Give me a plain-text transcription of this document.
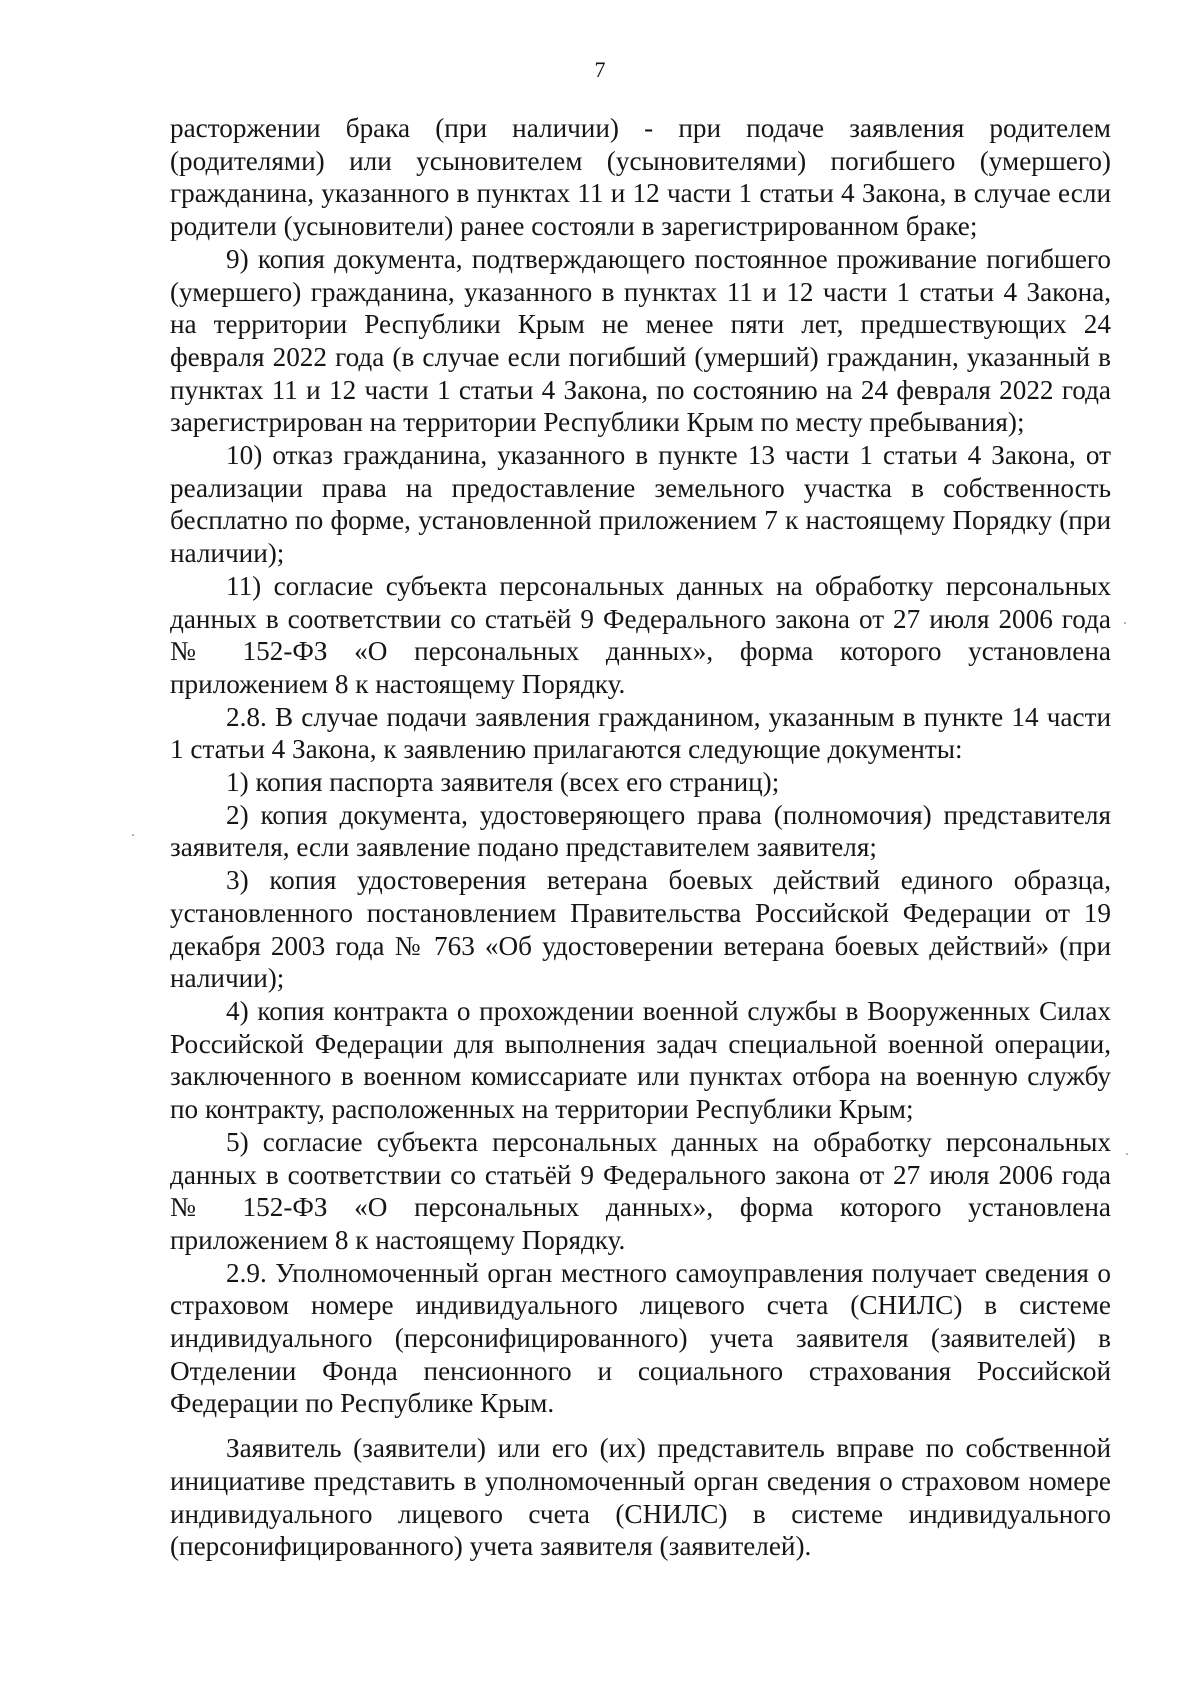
7

расторжении брака (при наличии) - при подаче заявления родителем (родителями) или усыновителем (усыновителями) погибшего (умершего) гражданина, указанного в пунктах 11 и 12 части 1 статьи 4 Закона, в случае если родители (усыновители) ранее состояли в зарегистрированном браке;

9) копия документа, подтверждающего постоянное проживание погибшего (умершего) гражданина, указанного в пунктах 11 и 12 части 1 статьи 4 Закона, на территории Республики Крым не менее пяти лет, предшествующих 24 февраля 2022 года (в случае если погибший (умерший) гражданин, указанный в пунктах 11 и 12 части 1 статьи 4 Закона, по состоянию на 24 февраля 2022 года зарегистрирован на территории Республики Крым по месту пребывания);

10) отказ гражданина, указанного в пункте 13 части 1 статьи 4 Закона, от реализации права на предоставление земельного участка в собственность бесплатно по форме, установленной приложением 7 к настоящему Порядку (при наличии);

11) согласие субъекта персональных данных на обработку персональных данных в соответствии со статьёй 9 Федерального закона от 27 июля 2006 года № 152-ФЗ «О персональных данных», форма которого установлена приложением 8 к настоящему Порядку.

2.8. В случае подачи заявления гражданином, указанным в пункте 14 части 1 статьи 4 Закона, к заявлению прилагаются следующие документы:

1) копия паспорта заявителя (всех его страниц);

2) копия документа, удостоверяющего права (полномочия) представителя заявителя, если заявление подано представителем заявителя;

3) копия удостоверения ветерана боевых действий единого образца, установленного постановлением Правительства Российской Федерации от 19 декабря 2003 года № 763 «Об удостоверении ветерана боевых действий» (при наличии);

4) копия контракта о прохождении военной службы в Вооруженных Силах Российской Федерации для выполнения задач специальной военной операции, заключенного в военном комиссариате или пунктах отбора на военную службу по контракту, расположенных на территории Республики Крым;

5) согласие субъекта персональных данных на обработку персональных данных в соответствии со статьёй 9 Федерального закона от 27 июля 2006 года № 152-ФЗ «О персональных данных», форма которого установлена приложением 8 к настоящему Порядку.

2.9. Уполномоченный орган местного самоуправления получает сведения о страховом номере индивидуального лицевого счета (СНИЛС) в системе индивидуального (персонифицированного) учета заявителя (заявителей) в Отделении Фонда пенсионного и социального страхования Российской Федерации по Республике Крым.

Заявитель (заявители) или его (их) представитель вправе по собственной инициативе представить в уполномоченный орган сведения о страховом номере индивидуального лицевого счета (СНИЛС) в системе индивидуального (персонифицированного) учета заявителя (заявителей).
